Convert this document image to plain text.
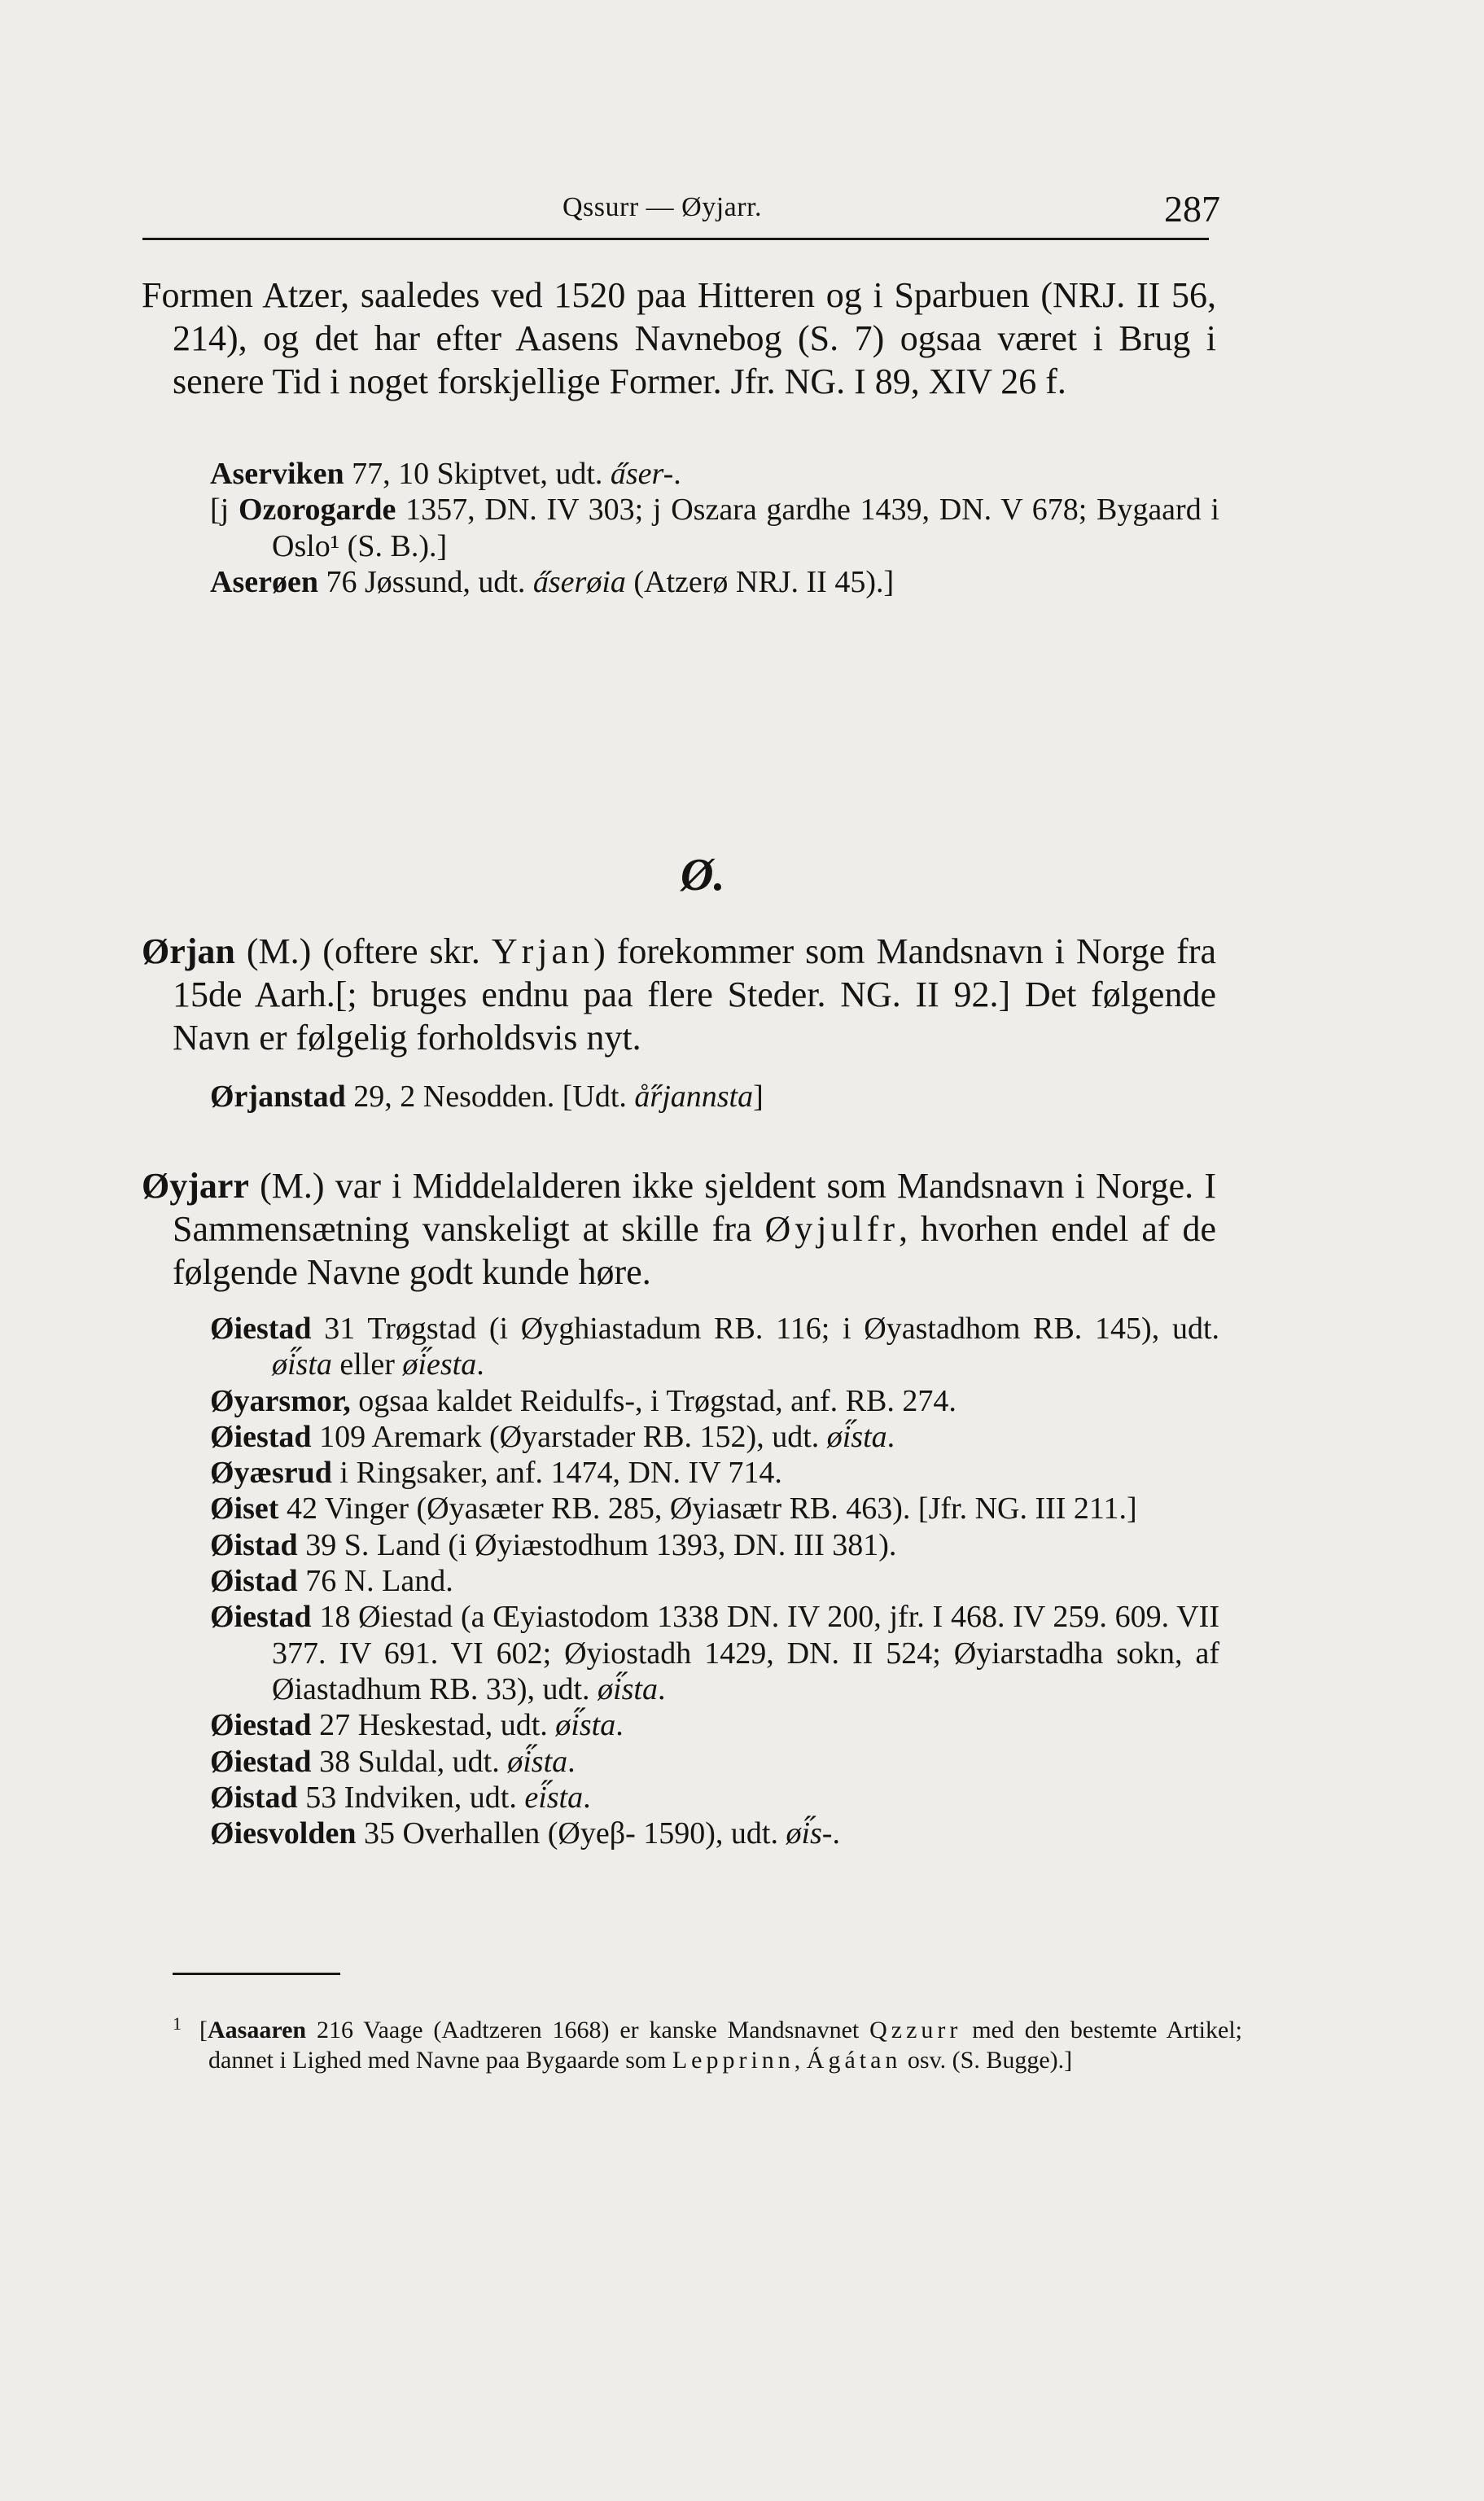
Qssurr — Øyjarr.	287

Formen Atzer, saaledes ved 1520 paa Hitteren og i Sparbuen (NRJ. II 56, 214), og det har efter Aasens Navnebog (S. 7) ogsaa været i Brug i senere Tid i noget forskjellige Former. Jfr. NG. I 89, XIV 26 f.

Aserviken 77, 10 Skiptvet, udt. a̋ser-.

[j Ozorogarde 1357, DN. IV 303; j Oszara gardhe 1439, DN. V 678; Bygaard i Oslo¹ (S. B.).]

Aserøen 76 Jøssund, udt. a̋serøia (Atzerø NRJ. II 45).]

Ø.

Ørjan (M.) (oftere skr. Yrjan) forekommer som Mandsnavn i Norge fra 15de Aarh.[; bruges endnu paa flere Steder. NG. II 92.] Det følgende Navn er følgelig forholdsvis nyt.

Ørjanstad 29, 2 Nesodden. [Udt. å̋rjannsta]

Øyjarr (M.) var i Middelalderen ikke sjeldent som Mandsnavn i Norge. I Sammensætning vanskeligt at skille fra Øyjulfr, hvorhen endel af de følgende Navne godt kunde høre.

Øiestad 31 Trøgstad (i Øyghiastadum RB. 116; i Øyastadhom RB. 145), udt. øi̋sta eller øi̋esta.

Øyarsmor, ogsaa kaldet Reidulfs-, i Trøgstad, anf. RB. 274.

Øiestad 109 Aremark (Øyarstader RB. 152), udt. øi̋sta.

Øyæsrud i Ringsaker, anf. 1474, DN. IV 714.

Øiset 42 Vinger (Øyasæter RB. 285, Øyiasætr RB. 463). [Jfr. NG. III 211.]

Øistad 39 S. Land (i Øyiæstodhum 1393, DN. III 381).

Øistad 76 N. Land.

Øiestad 18 Øiestad (a Œyiastodom 1338 DN. IV 200, jfr. I 468. IV 259. 609. VII 377. IV 691. VI 602; Øyiostadh 1429, DN. II 524; Øyiarstadha sokn, af Øiastadhum RB. 33), udt. øi̋sta.

Øiestad 27 Heskestad, udt. øi̋sta.

Øiestad 38 Suldal, udt. øi̋sta.

Øistad 53 Indviken, udt. ei̋sta.

Øiesvolden 35 Overhallen (Øyeβ- 1590), udt. øi̋s-.

$^1$ [Aasaaren 216 Vaage (Aadtzeren 1668) er kanske Mandsnavnet Qzzurr med den bestemte Artikel; dannet i Lighed med Navne paa Bygaarde som Lepprinn, Ágátan osv. (S. Bugge).]
